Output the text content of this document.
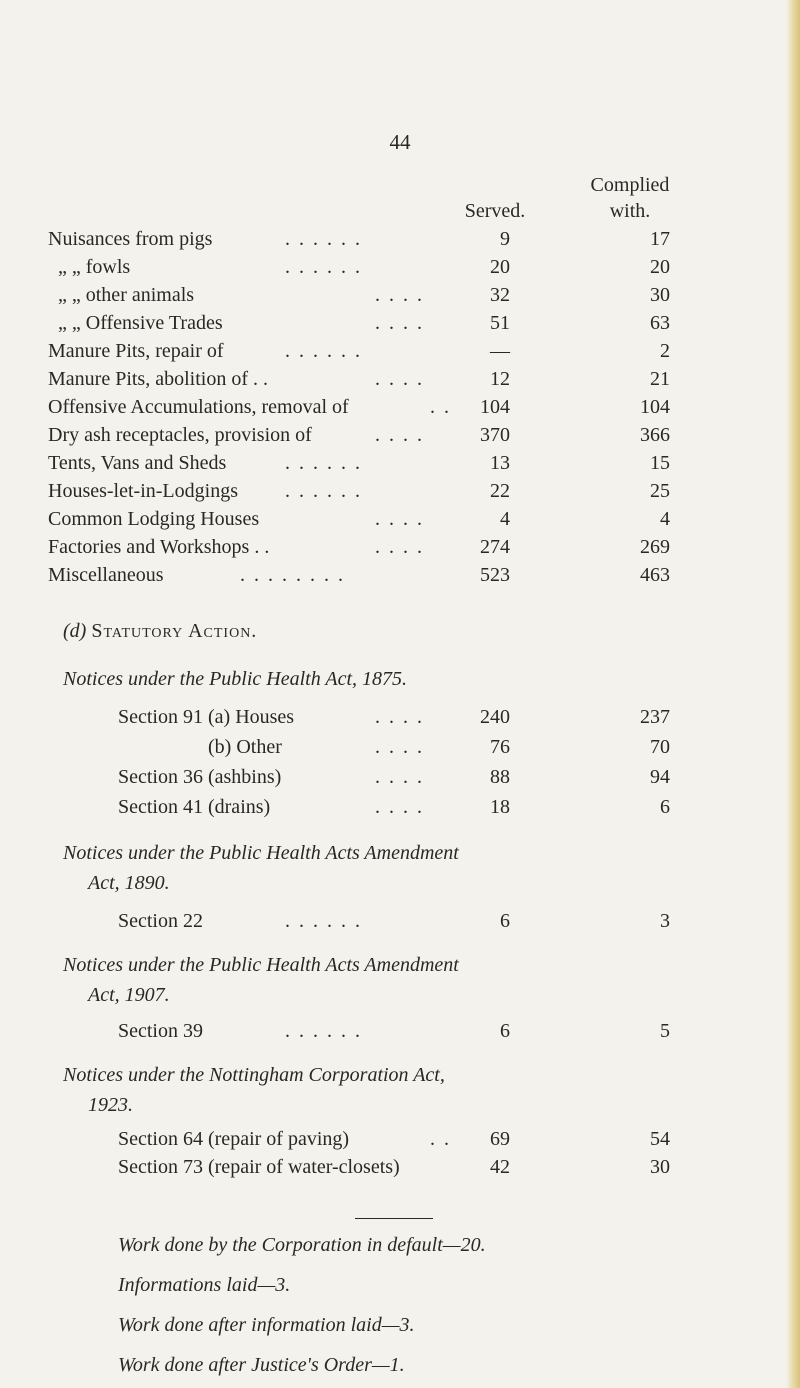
44
Complied
with.
Served.
Nuisances from pigs	. . . . . .	9	17
„ „ fowls	. . . . . .	20	20
„ „ other animals	. . . .	32	30
„ „ Offensive Trades	. . . .	51	63
Manure Pits, repair of	. . . . . .	—	2
Manure Pits, abolition of . .	. . . .	12	21
Offensive Accumulations, removal of	. .	104	104
Dry ash receptacles, provision of	. . . .	370	366
Tents, Vans and Sheds	. . . . . .	13	15
Houses-let-in-Lodgings . . . . . .	22	25
Common Lodging Houses	. . . .	4	4
Factories and Workshops . .	. . . .	274	269
Miscellaneous	. . . . . . . .	523	463
(d) Statutory Action.
Notices under the Public Health Act, 1875.
Section 91 (a) Houses	. . . .	240	237
(b) Other	. . . .	76	70
Section 36 (ashbins)	. . . .	88	94
Section 41 (drains)	. . . .	18	6
Notices under the Public Health Acts Amendment
Act, 1890.
Section 22	. . . . . .	6	3
Notices under the Public Health Acts Amendment
Act, 1907.
Section 39	. . . . . .	6	5
Notices under the Nottingham Corporation Act,
1923.
Section 64 (repair of paving)	. .	69	54
Section 73 (repair of water-closets)	42	30
Work done by the Corporation in default—20.
Informations laid—3.
Work done after information laid—3.
Work done after Justice's Order—1.
